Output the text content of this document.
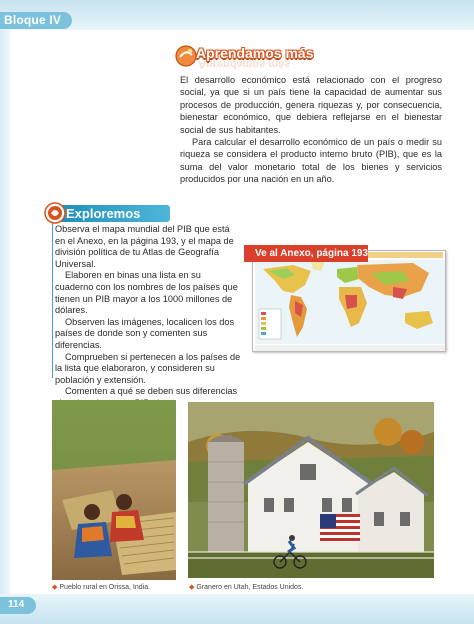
Bloque IV
Aprendamos más
Aprendamos más

El desarrollo económico está relacionado con el progreso social, ya que si un país tiene la capacidad de aumentar sus procesos de producción, genera riquezas y, por consecuencia, bienestar económico, que debiera reflejarse en el bienestar social de sus habitantes.

Para calcular el desarrollo económico de un país o medir su riqueza se considera el producto interno bruto (PIB), que es la suma del valor monetario total de los bienes y servicios producidos por una nación en un año.

Exploremos

Observa el mapa mundial del PIB que está en el Anexo, en la página 193, y el mapa de división política de tu Atlas de Geografía Universal.

Elaboren en binas una lista en su cuaderno con los nombres de los países que tienen un PIB mayor a los 1000 millones de dólares.

Observen las imágenes, localicen los dos países de donde son y comenten sus diferencias.

Comprueben si pertenecen a los países de la lista que elaboraron, y consideren su población y extensión.

Comenten a qué se deben sus diferencias

Ve al Anexo, página 193
◆ Pueblo rural en Orissa, India.	◆ Granero en Utah, Estados Unidos.
114
